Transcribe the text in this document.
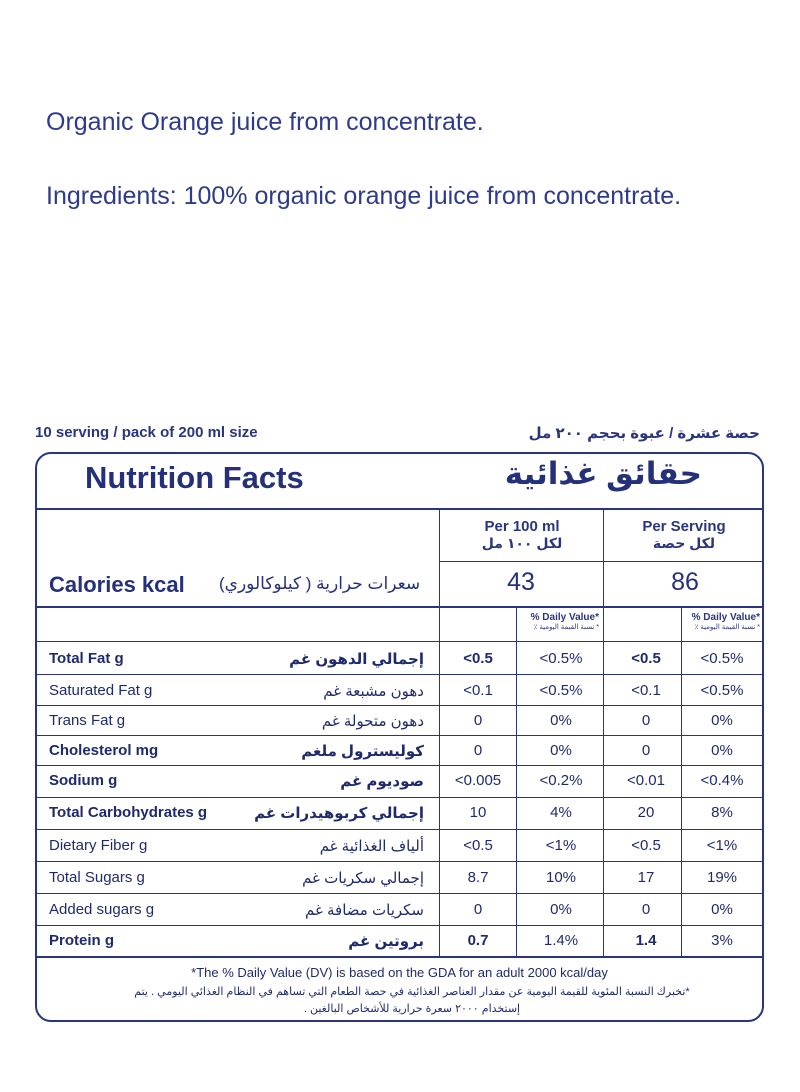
Organic Orange juice from concentrate.
Ingredients: 100% organic orange juice from concentrate.
10 serving / pack of 200 ml size	حصة عشرة / عبوة بحجم ٢٠٠ مل
Nutrition Facts	حقائق غذائية
Per 100 ml
لكل ١٠٠ مل
Per Serving
لكل حصة
Calories kcal سعرات حرارية ( كيلوكالوري)	43	86
% Daily Value*
* نسبة القيمة اليومية ٪
% Daily Value*
* نسبة القيمة اليومية ٪
Total Fat g	إجمالي الدهون غم	<0.5	<0.5%	<0.5	<0.5%
Saturated Fat g	دهون مشبعة غم	<0.1	<0.5%	<0.1	<0.5%
Trans Fat g	دهون متحولة غم	0	0%	0	0%
Cholesterol mg	كوليسترول ملغم	0	0%	0	0%
Sodium g	صوديوم غم	<0.005	<0.2%	<0.01	<0.4%
Total Carbohydrates g	إجمالي كربوهيدرات غم	10	4%	20	8%
Dietary Fiber g	ألياف الغذائية غم	<0.5	<1%	<0.5	<1%
Total Sugars g	إجمالي سكريات غم	8.7	10%	17	19%
Added sugars g	سكريات مضافة غم	0	0%	0	0%
Protein g	بروتين غم	0.7	1.4%	1.4	3%
*The % Daily Value (DV) is based on the GDA for an adult 2000 kcal/day
*تخبرك النسبة المئوية للقيمة اليومية عن مقدار العناصر الغذائية في حصة الطعام التي تساهم في النظام الغذائي اليومي . يتم إستخدام ٢٠٠٠ سعرة حرارية للأشخاص البالغين .
